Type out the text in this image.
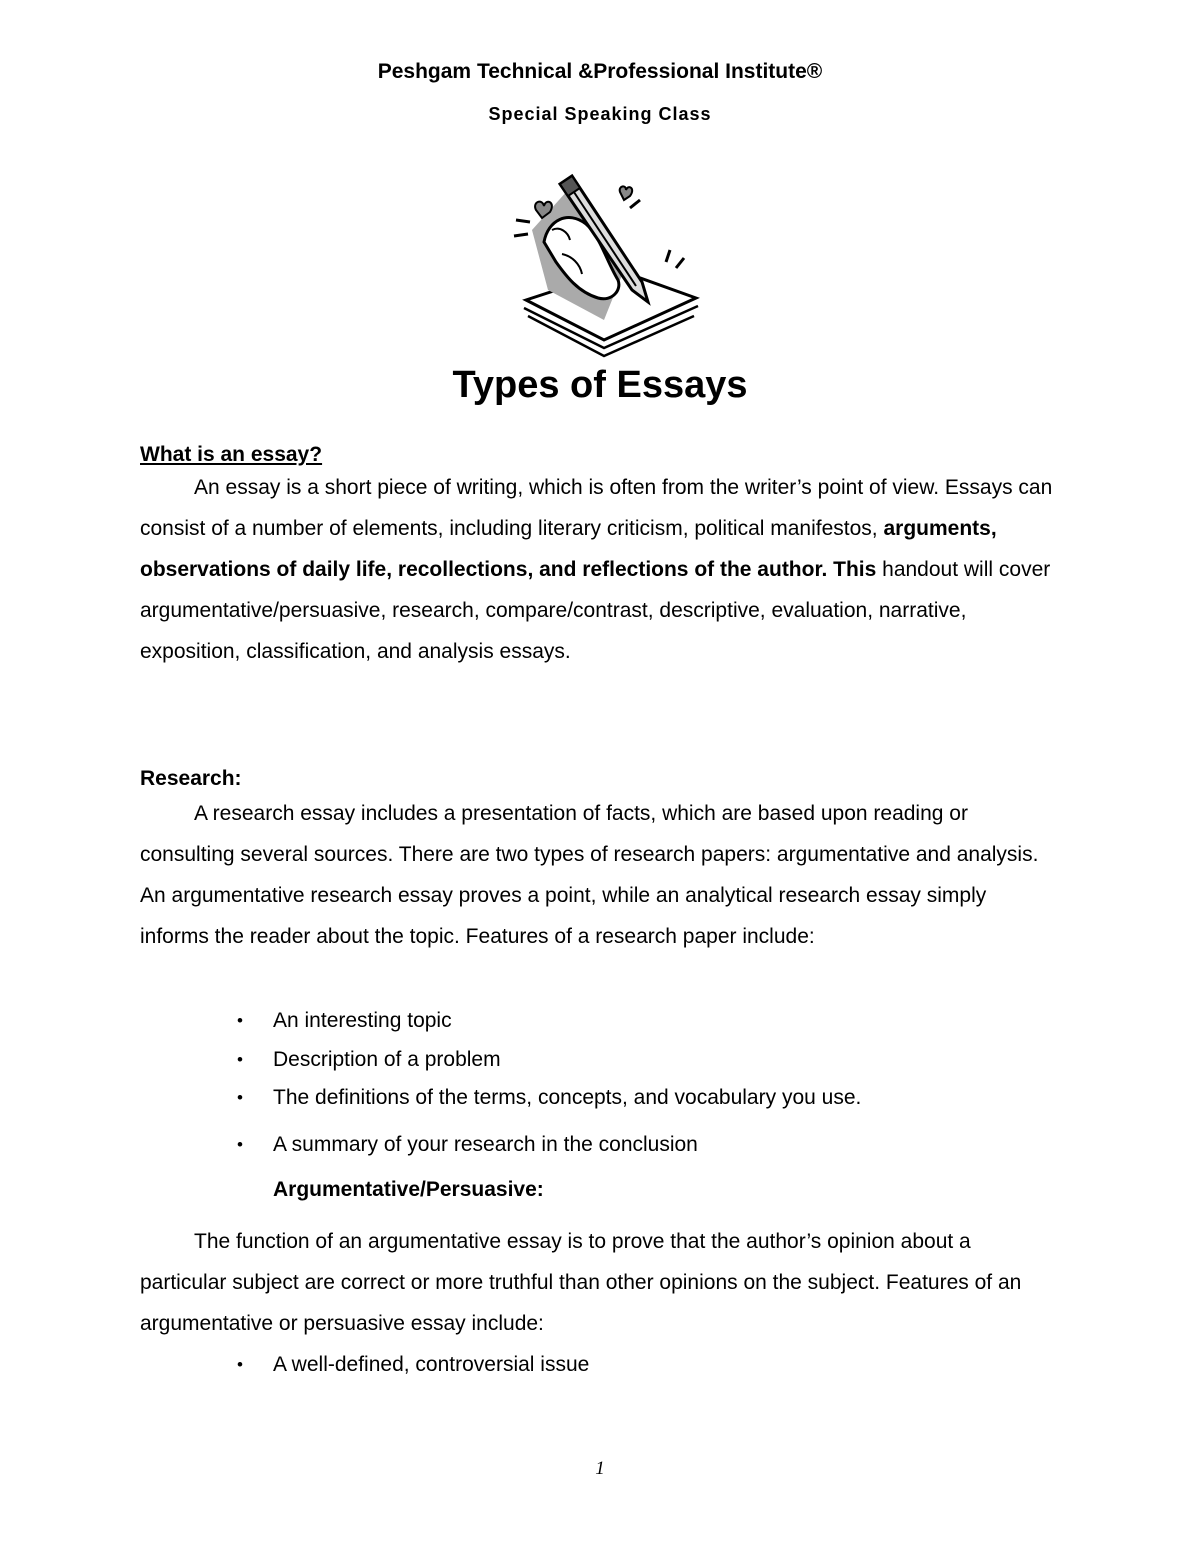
Peshgam Technical &Professional Institute®
Special Speaking Class
Types of Essays
What is an essay?
An essay is a short piece of writing, which is often from the writer’s point of view. Essays can consist of a number of elements, including literary criticism, political manifestos, arguments, observations of daily life, recollections, and reflections of the author. This handout will cover argumentative/persuasive, research, compare/contrast, descriptive, evaluation, narrative, exposition, classification, and analysis essays.
Research:
A research essay includes a presentation of facts, which are based upon reading or consulting several sources. There are two types of research papers: argumentative and analysis. An argumentative research essay proves a point, while an analytical research essay simply informs the reader about the topic. Features of a research paper include:
• An interesting topic
• Description of a problem
• The definitions of the terms, concepts, and vocabulary you use.
• A summary of your research in the conclusion
Argumentative/Persuasive:
The function of an argumentative essay is to prove that the author’s opinion about a particular subject are correct or more truthful than other opinions on the subject. Features of an argumentative or persuasive essay include:
• A well-defined, controversial issue
1
